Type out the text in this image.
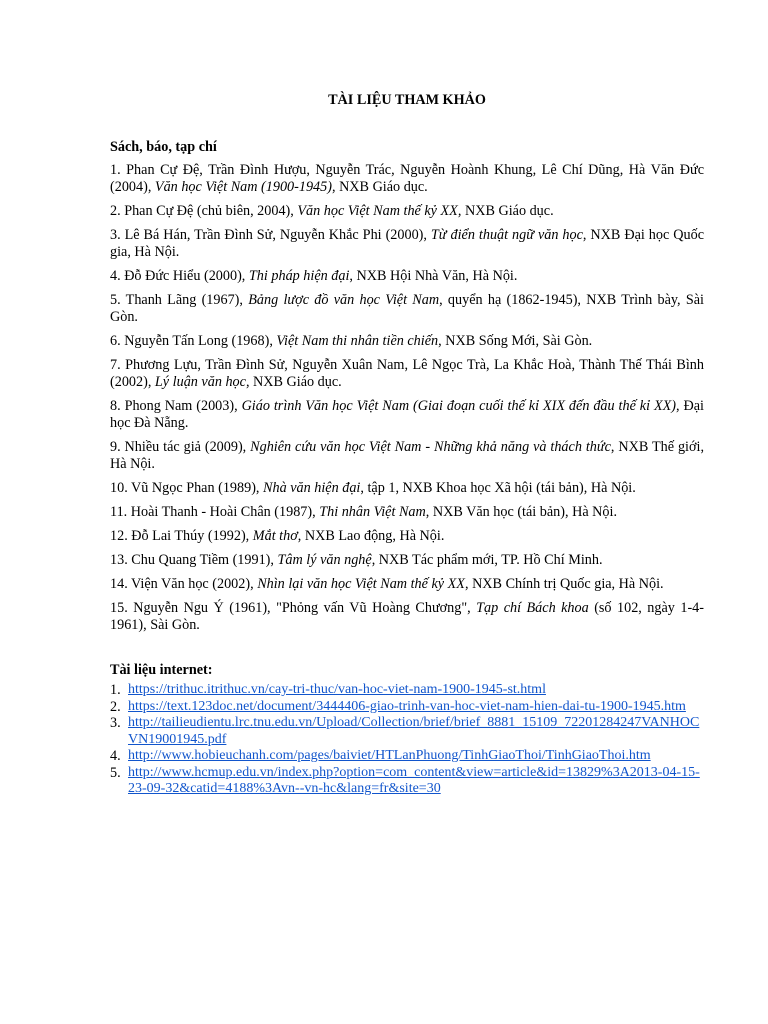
TÀI LIỆU THAM KHẢO
Sách, báo, tạp chí
1. Phan Cự Đệ, Trần Đình Hượu, Nguyễn Trác, Nguyễn Hoành Khung, Lê Chí Dũng, Hà Văn Đức (2004), Văn học Việt Nam (1900-1945), NXB Giáo dục.
2. Phan Cự Đệ (chủ biên, 2004), Văn học Việt Nam thế kỷ XX, NXB Giáo dục.
3. Lê Bá Hán, Trần Đình Sử, Nguyễn Khắc Phi (2000), Từ điển thuật ngữ văn học, NXB Đại học Quốc gia, Hà Nội.
4. Đỗ Đức Hiểu (2000), Thi pháp hiện đại, NXB Hội Nhà Văn, Hà Nội.
5. Thanh Lãng (1967), Bảng lược đồ văn học Việt Nam, quyển hạ (1862-1945), NXB Trình bày, Sài Gòn.
6. Nguyễn Tấn Long (1968), Việt Nam thi nhân tiền chiến, NXB Sống Mới, Sài Gòn.
7. Phương Lựu, Trần Đình Sử, Nguyễn Xuân Nam, Lê Ngọc Trà, La Khắc Hoà, Thành Thế Thái Bình (2002), Lý luận văn học, NXB Giáo dục.
8. Phong Nam (2003), Giáo trình Văn học Việt Nam (Giai đoạn cuối thế kỉ XIX đến đầu thế kỉ XX), Đại học Đà Nẵng.
9. Nhiều tác giả (2009), Nghiên cứu văn học Việt Nam - Những khả năng và thách thức, NXB Thế giới, Hà Nội.
10. Vũ Ngọc Phan (1989), Nhà văn hiện đại, tập 1, NXB Khoa học Xã hội (tái bản), Hà Nội.
11. Hoài Thanh - Hoài Chân (1987), Thi nhân Việt Nam, NXB Văn học (tái bản), Hà Nội.
12. Đỗ Lai Thúy (1992), Mắt thơ, NXB Lao động, Hà Nội.
13. Chu Quang Tiềm (1991), Tâm lý văn nghệ, NXB Tác phẩm mới, TP. Hồ Chí Minh.
14. Viện Văn học (2002), Nhìn lại văn học Việt Nam thế kỷ XX, NXB Chính trị Quốc gia, Hà Nội.
15. Nguyễn Ngu Ý (1961), "Phỏng vấn Vũ Hoàng Chương", Tạp chí Bách khoa (số 102, ngày 1-4-1961), Sài Gòn.
Tài liệu internet:
1. https://trithuc.itrithuc.vn/cay-tri-thuc/van-hoc-viet-nam-1900-1945-st.html
2. https://text.123doc.net/document/3444406-giao-trinh-van-hoc-viet-nam-hien-dai-tu-1900-1945.htm
3. http://tailieudientu.lrc.tnu.edu.vn/Upload/Collection/brief/brief_8881_15109_72201284247VANHOCVN19001945.pdf
4. http://www.hobieuchanh.com/pages/baiviet/HTLanPhuong/TinhGiaoThoi/TinhGiaoThoi.htm
5. http://www.hcmup.edu.vn/index.php?option=com_content&view=article&id=13829%3A2013-04-15-23-09-32&catid=4188%3Avn--vn-hc&lang=fr&site=30
